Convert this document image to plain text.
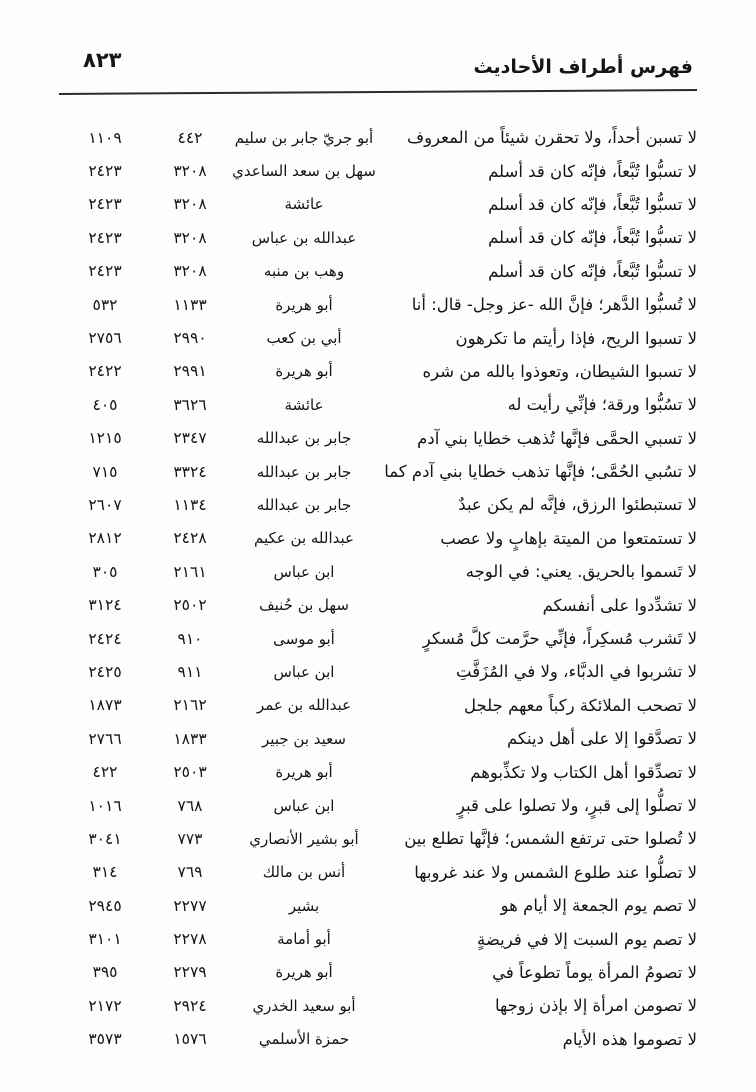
فهرس أطراف الأحاديث
٨٢٣
لا تسبن أحداً، ولا تحقرن شيئاً من المعروف
أبو جريّ جابر بن سليم
٤٤٢
١١٠٩
لا تسبُّوا تُبَّعاً، فإنّه كان قد أسلم
سهل بن سعد الساعدي
٣٢٠٨
٢٤٢٣
لا تسبُّوا تُبَّعاً، فإنّه كان قد أسلم
عائشة
٣٢٠٨
٢٤٢٣
لا تسبُّوا تُبَّعاً، فإنّه كان قد أسلم
عبدالله بن عباس
٣٢٠٨
٢٤٢٣
لا تسبُّوا تُبَّعاً، فإنّه كان قد أسلم
وهب بن منبه
٣٢٠٨
٢٤٢٣
لا تُسبُّوا الدَّهر؛ فإنَّ الله -عز وجل- قال: أنا
أبو هريرة
١١٣٣
٥٣٢
لا تسبوا الريح، فإذا رأيتم ما تكرهون
أبي بن كعب
٢٩٩٠
٢٧٥٦
لا تسبوا الشيطان، وتعوذوا بالله من شره
أبو هريرة
٢٩٩١
٢٤٢٢
لا تسُبُّوا ورقة؛ فإنِّي رأيت له
عائشة
٣٦٢٦
٤٠٥
لا تسبي الحمَّى فإنَّها تُذهب خطايا بني آدم
جابر بن عبدالله
٢٣٤٧
١٢١٥
لا تسُبي الحُمَّى؛ فإنَّها تذهب خطايا بني آدم كما
جابر بن عبدالله
٣٣٢٤
٧١٥
لا تستبطئوا الرزق، فإنَّه لم يكن عبدٌ
جابر بن عبدالله
١١٣٤
٢٦٠٧
لا تستمتعوا من الميتة بإهابٍ ولا عصب
عبدالله بن عكيم
٢٤٢٨
٢٨١٢
لا تَسموا بالحريق. يعني: في الوجه
ابن عباس
٢١٦١
٣٠٥
لا تشدِّدوا على أنفسكم
سهل بن حُنيف
٢٥٠٢
٣١٢٤
لا تَشرب مُسكِراً، فإنِّي حرَّمت كلَّ مُسكرٍ
أبو موسى
٩١٠
٢٤٢٤
لا تشربوا في الدبَّاء، ولا في المُزَفَّتِ
ابن عباس
٩١١
٢٤٢٥
لا تصحب الملائكة ركباً معهم جلجل
عبدالله بن عمر
٢١٦٢
١٨٧٣
لا تصدَّقوا إلا على أهل دينكم
سعيد بن جبير
١٨٣٣
٢٧٦٦
لا تصدِّقوا أهل الكتاب ولا تكذِّبوهم
أبو هريرة
٢٥٠٣
٤٢٢
لا تصلُّوا إلى قبرٍ، ولا تصلوا على قبرٍ
ابن عباس
٧٦٨
١٠١٦
لا تُصلوا حتى ترتفع الشمس؛ فإنَّها تطلع بين
أبو بشير الأنصاري
٧٧٣
٣٠٤١
لا تصلُّوا عند طلوع الشمس ولا عند غروبها
أنس بن مالك
٧٦٩
٣١٤
لا تصم يوم الجمعة إلا أيام هو
بشير
٢٢٧٧
٢٩٤٥
لا تصم يوم السبت إلا في فريضةٍ
أبو أمامة
٢٢٧٨
٣١٠١
لا تصومُ المرأة يوماً تطوعاً في
أبو هريرة
٢٢٧٩
٣٩٥
لا تصومن امرأة إلا بإذن زوجها
أبو سعيد الخدري
٢٩٢٤
٢١٧٢
لا تصوموا هذه الأيام
حمزة الأسلمي
١٥٧٦
٣٥٧٣
